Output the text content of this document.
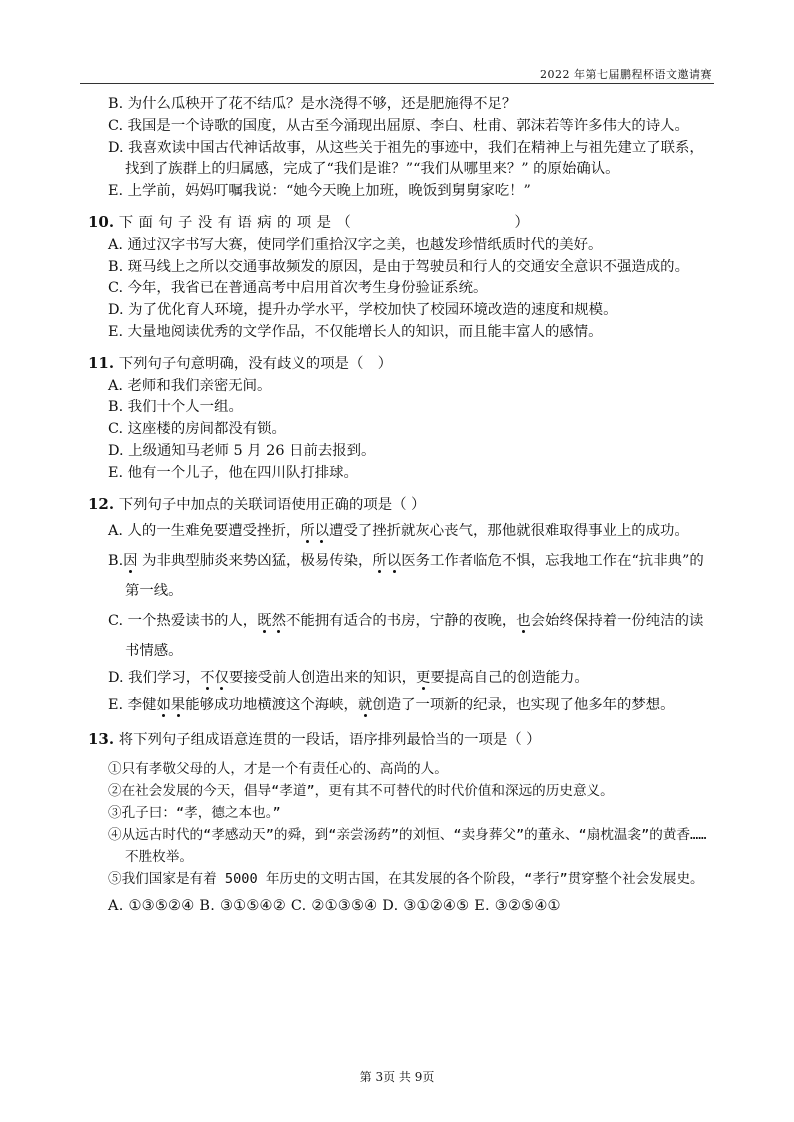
2022 年第七届鹏程杯语文邀请赛
B. 为什么瓜秧开了花不结瓜？是水浇得不够，还是肥施得不足？
C. 我国是一个诗歌的国度，从古至今涌现出屈原、李白、杜甫、郭沫若等许多伟大的诗人。
D. 我喜欢读中国古代神话故事，从这些关于祖先的事迹中，我们在精神上与祖先建立了联系，找到了族群上的归属感，完成了“我们是谁？”“我们从哪里来？” 的原始确认。
E. 上学前，妈妈叮嘱我说：“她今天晚上加班，晚饭到舅舅家吃！”
10. 下面句子没有语病的项是（　　　　　　　　）
A. 通过汉字书写大赛，使同学们重拾汉字之美，也越发珍惜纸质时代的美好。
B. 斑马线上之所以交通事故频发的原因，是由于驾驶员和行人的交通安全意识不强造成的。
C. 今年，我省已在普通高考中启用首次考生身份验证系统。
D. 为了优化育人环境，提升办学水平，学校加快了校园环境改造的速度和规模。
E. 大量地阅读优秀的文学作品，不仅能增长人的知识，而且能丰富人的感情。
11. 下列句子句意明确，没有歧义的项是（　）
A. 老师和我们亲密无间。
B. 我们十个人一组。
C. 这座楼的房间都没有锁。
D. 上级通知马老师 5 月 26 日前去报到。
E. 他有一个儿子，他在四川队打排球。
12. 下列句子中加点的关联词语使用正确的项是（ ）
A. 人的一生难免要遭受挫折，所以遭受了挫折就灰心丧气，那他就很难取得事业上的成功。
B.因 为非典型肺炎来势凶猛，极易传染，所以医务工作者临危不惧，忘我地工作在“抗非典”的第一线。
C. 一个热爱读书的人，既然不能拥有适合的书房，宁静的夜晚，也会始终保持着一份纯洁的读书情感。
D. 我们学习，不仅要接受前人创造出来的知识，更要提高自己的创造能力。
E. 李健如果能够成功地横渡这个海峡，就创造了一项新的纪录，也实现了他多年的梦想。
13. 将下列句子组成语意连贯的一段话，语序排列最恰当的一项是（ ）
①只有孝敬父母的人，才是一个有责任心的、高尚的人。
②在社会发展的今天，倡导“孝道”，更有其不可替代的时代价值和深远的历史意义。
③孔子曰：“孝，德之本也。”
④从远古时代的“孝感动天”的舜，到“亲尝汤药”的刘恒、“卖身葬父”的董永、“扇枕温衾”的黄香……不胜枚举。
⑤我们国家是有着 5000 年历史的文明古国，在其发展的各个阶段，“孝行”贯穿整个社会发展史。
A. ①③⑤②④ B. ③①⑤④② C. ②①③⑤④ D. ③①②④⑤ E. ③②⑤④①
第 3页 共 9页
